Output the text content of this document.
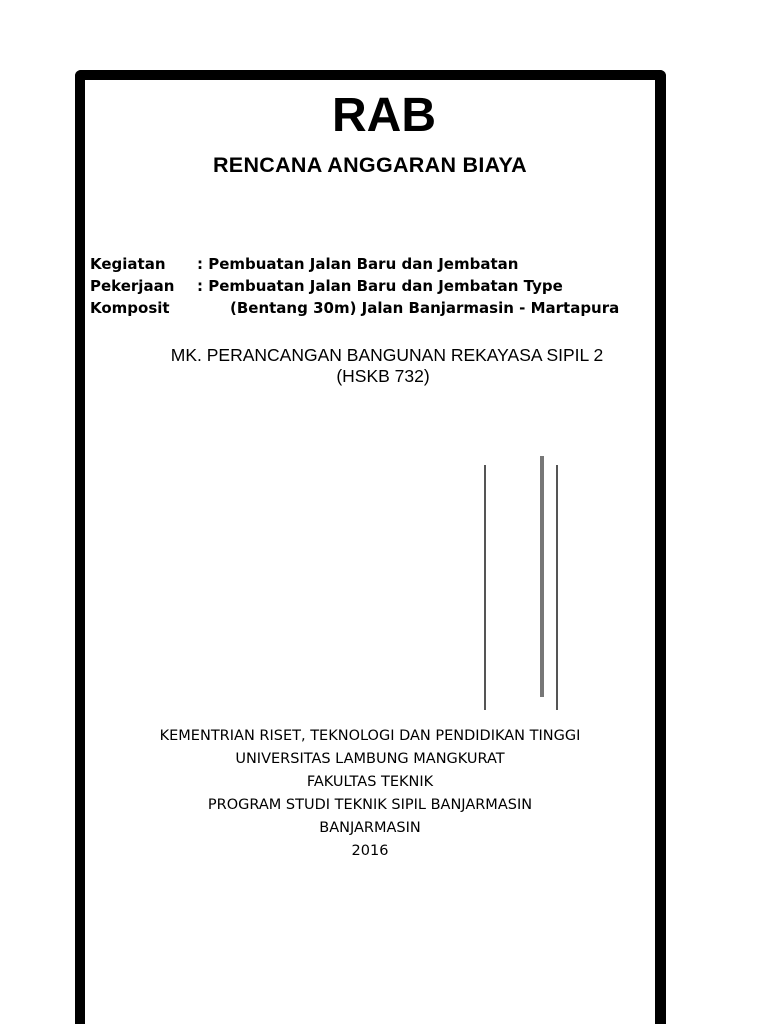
RAB
RENCANA ANGGARAN BIAYA
Kegiatan : Pembuatan Jalan Baru dan Jembatan
Pekerjaan : Pembuatan Jalan Baru dan Jembatan Type
Komposit	(Bentang 30m) Jalan Banjarmasin - Martapura
MK. PERANCANGAN BANGUNAN REKAYASA SIPIL 2
(HSKB 732)
KEMENTRIAN RISET, TEKNOLOGI DAN PENDIDIKAN TINGGI
UNIVERSITAS LAMBUNG MANGKURAT
FAKULTAS TEKNIK
PROGRAM STUDI TEKNIK SIPIL BANJARMASIN
BANJARMASIN
2016
